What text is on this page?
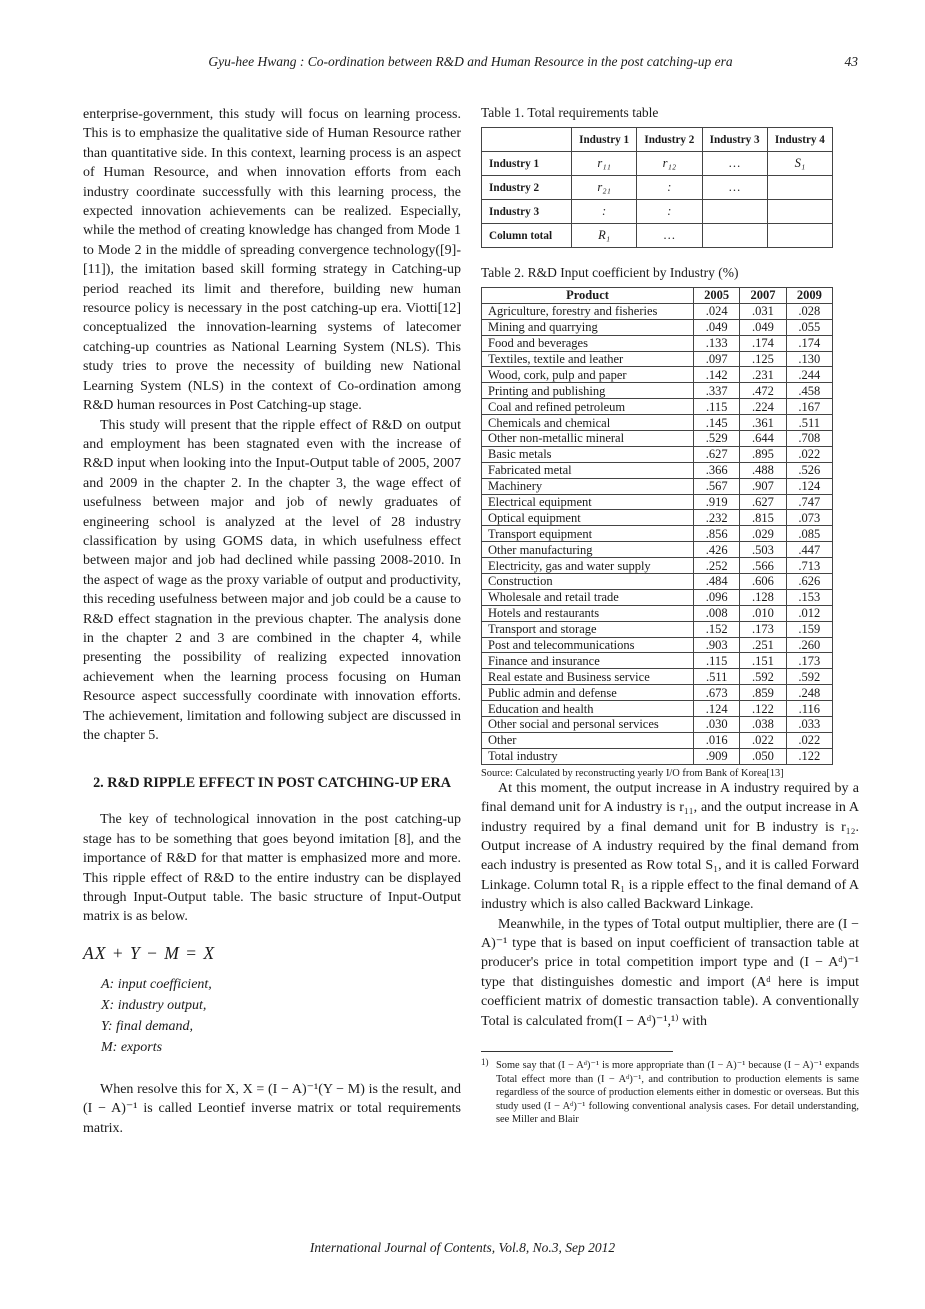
Gyu-hee Hwang : Co-ordination between R&D and Human Resource in the post catching-up era	43

enterprise-government, this study will focus on learning process. This is to emphasize the qualitative side of Human Resource rather than quantitative side. In this context, learning process is an aspect of Human Resource, and when innovation efforts from each industry coordinate successfully with this learning process, the expected innovation achievements can be realized. Especially, while the method of creating knowledge has changed from Mode 1 to Mode 2 in the middle of spreading convergence technology([9]-[11]), the imitation based skill forming strategy in Catching-up period reached its limit and therefore, building new human resource policy is necessary in the post catching-up era. Viotti[12] conceptualized the innovation-learning systems of latecomer catching-up countries as National Learning System (NLS). This study tries to prove the necessity of building new National Learning System (NLS) in the context of Co-ordination among R&D human resources in Post Catching-up stage.

This study will present that the ripple effect of R&D on output and employment has been stagnated even with the increase of R&D input when looking into the Input-Output table of 2005, 2007 and 2009 in the chapter 2. In the chapter 3, the wage effect of usefulness between major and job of newly graduates of engineering school is analyzed at the level of 28 industry classification by using GOMS data, in which usefulness effect between major and job had declined while passing 2008-2010. In the aspect of wage as the proxy variable of output and productivity, this receding usefulness between major and job could be a cause to R&D effect stagnation in the previous chapter. The analysis done in the chapter 2 and 3 are combined in the chapter 4, while presenting the possibility of realizing expected innovation achievement when the learning process focusing on Human Resource aspect successfully coordinate with innovation efforts. The achievement, limitation and following subject are discussed in the chapter 5.

2. R&D RIPPLE EFFECT IN POST CATCHING-UP ERA

The key of technological innovation in the post catching-up stage has to be something that goes beyond imitation [8], and the importance of R&D for that matter is emphasized more and more. This ripple effect of R&D to the entire industry can be displayed through Input-Output table. The basic structure of Input-Output matrix is as below.

AX + Y − M = X
A: input coefficient,
X: industry output,
Y: final demand,
M: exports

When resolve this for X, X = (I − A)⁻¹(Y − M) is the result, and (I − A)⁻¹ is called Leontief inverse matrix or total requirements matrix.

Table 1. Total requirements table
	Industry 1	Industry 2	Industry 3	Industry 4
Industry 1	r₁₁	r₁₂	…	S₁
Industry 2	r₂₁	:	…	
Industry 3	:	:		
Column total	R₁	…		
Table 2. R&D Input coefficient by Industry (%)
Product	2005	2007	2009
Agriculture, forestry and fisheries	.024	.031	.028
Mining and quarrying	.049	.049	.055
Food and beverages	.133	.174	.174
Textiles, textile and leather	.097	.125	.130
Wood, cork, pulp and paper	.142	.231	.244
Printing and publishing	.337	.472	.458
Coal and refined petroleum	.115	.224	.167
Chemicals and chemical	.145	.361	.511
Other non-metallic mineral	.529	.644	.708
Basic metals	.627	.895	.022
Fabricated metal	.366	.488	.526
Machinery	.567	.907	.124
Electrical equipment	.919	.627	.747
Optical equipment	.232	.815	.073
Transport equipment	.856	.029	.085
Other manufacturing	.426	.503	.447
Electricity, gas and water supply	.252	.566	.713
Construction	.484	.606	.626
Wholesale and retail trade	.096	.128	.153
Hotels and restaurants	.008	.010	.012
Transport and storage	.152	.173	.159
Post and telecommunications	.903	.251	.260
Finance and insurance	.115	.151	.173
Real estate and Business service	.511	.592	.592
Public admin and defense	.673	.859	.248
Education and health	.124	.122	.116
Other social and personal services	.030	.038	.033
Other	.016	.022	.022
Total industry	.909	.050	.122
Source: Calculated by reconstructing yearly I/O from Bank of Korea[13]

At this moment, the output increase in A industry required by a final demand unit for A industry is r₁₁, and the output increase in A industry required by a final demand unit for B industry is r₁₂. Output increase of A industry required by the final demand from each industry is presented as Row total S₁, and it is called Forward Linkage. Column total R₁ is a ripple effect to the final demand of A industry which is also called Backward Linkage.

Meanwhile, in the types of Total output multiplier, there are (I − A)⁻¹ type that is based on input coefficient of transaction table at producer's price in total competition import type and (I − Aᵈ)⁻¹ type that distinguishes domestic and import (Aᵈ here is imput coefficient matrix of domestic transaction table). A conventionally Total is calculated from(I − Aᵈ)⁻¹,¹⁾ with

1) Some say that (I − Aᵈ)⁻¹ is more appropriate than (I − A)⁻¹ because (I − A)⁻¹ expands Total effect more than (I − Aᵈ)⁻¹, and contribution to production elements is same regardless of the source of production elements either in domestic or overseas. But this study used (I − Aᵈ)⁻¹ following conventional analysis cases. For detail understanding, see Miller and Blair
International Journal of Contents, Vol.8, No.3, Sep 2012
